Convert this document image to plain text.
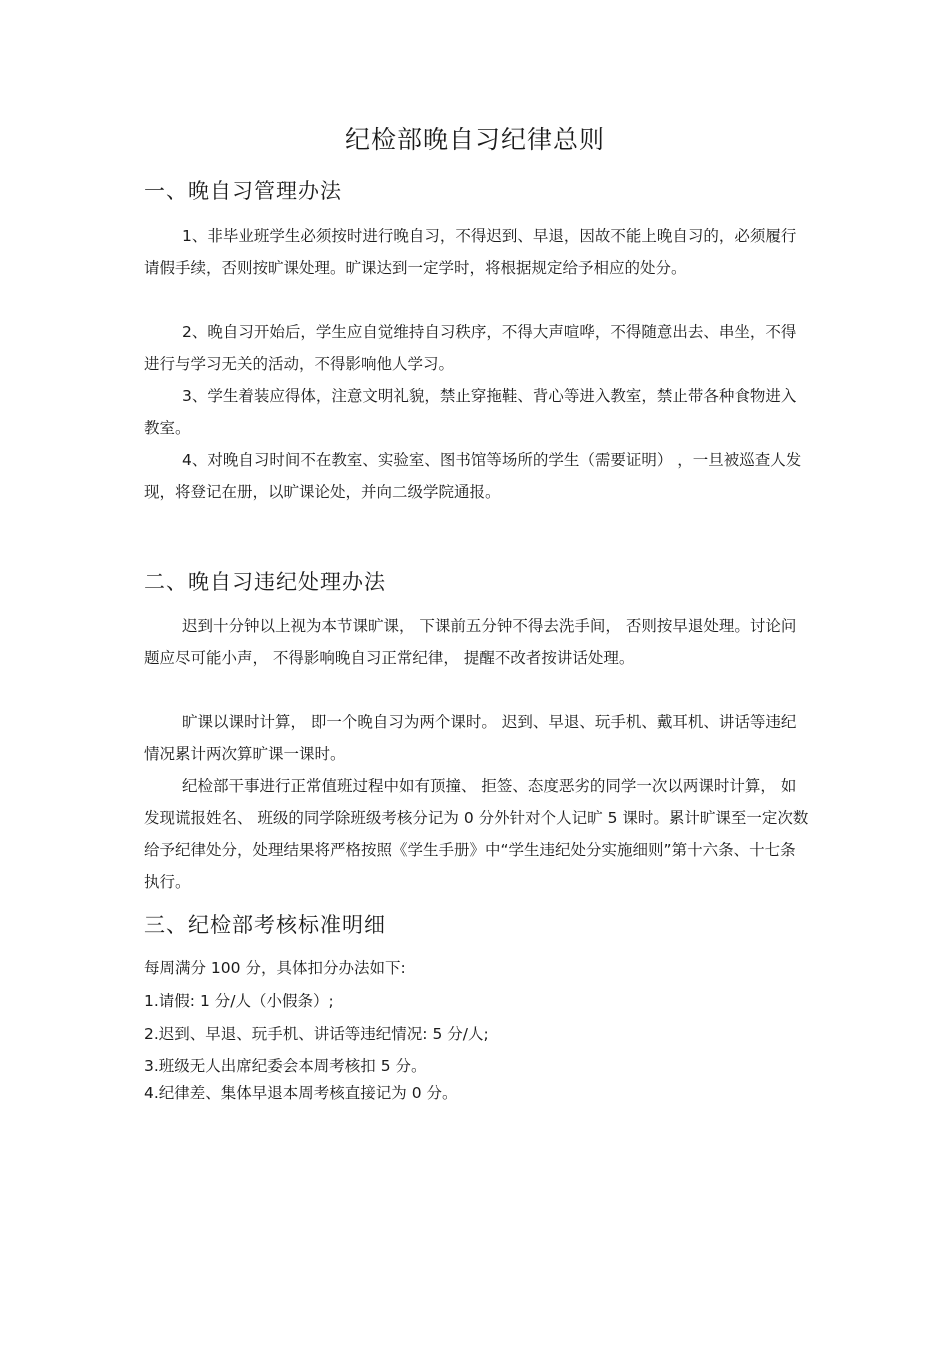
纪检部晚自习纪律总则
一、晚自习管理办法

1、非毕业班学生必须按时进行晚自习，不得迟到、早退，因故不能上晚自习的，必须履行请假手续，否则按旷课处理。旷课达到一定学时，将根据规定给予相应的处分。

2、晚自习开始后，学生应自觉维持自习秩序，不得大声喧哗，不得随意出去、串坐，不得进行与学习无关的活动，不得影响他人学习。

3、学生着装应得体，注意文明礼貌，禁止穿拖鞋、背心等进入教室，禁止带各种食物进入教室。

4、对晚自习时间不在教室、实验室、图书馆等场所的学生（需要证明） ，一旦被巡查人发现，将登记在册，以旷课论处，并向二级学院通报。

二、晚自习违纪处理办法

迟到十分钟以上视为本节课旷课， 下课前五分钟不得去洗手间， 否则按早退处理。讨论问题应尽可能小声， 不得影响晚自习正常纪律， 提醒不改者按讲话处理。

旷课以课时计算， 即一个晚自习为两个课时。 迟到、早退、玩手机、戴耳机、讲话等违纪情况累计两次算旷课一课时。

纪检部干事进行正常值班过程中如有顶撞、 拒签、态度恶劣的同学一次以两课时计算， 如发现谎报姓名、 班级的同学除班级考核分记为 0 分外针对个人记旷 5 课时。累计旷课至一定次数给予纪律处分，处理结果将严格按照《学生手册》中“学生违纪处分实施细则”第十六条、十七条执行。

三、纪检部考核标准明细
每周满分 100 分，具体扣分办法如下:
1.请假: 1 分/人（小假条）;
2.迟到、早退、玩手机、讲话等违纪情况: 5 分/人;
3.班级无人出席纪委会本周考核扣 5 分。
4.纪律差、集体早退本周考核直接记为 0 分。
